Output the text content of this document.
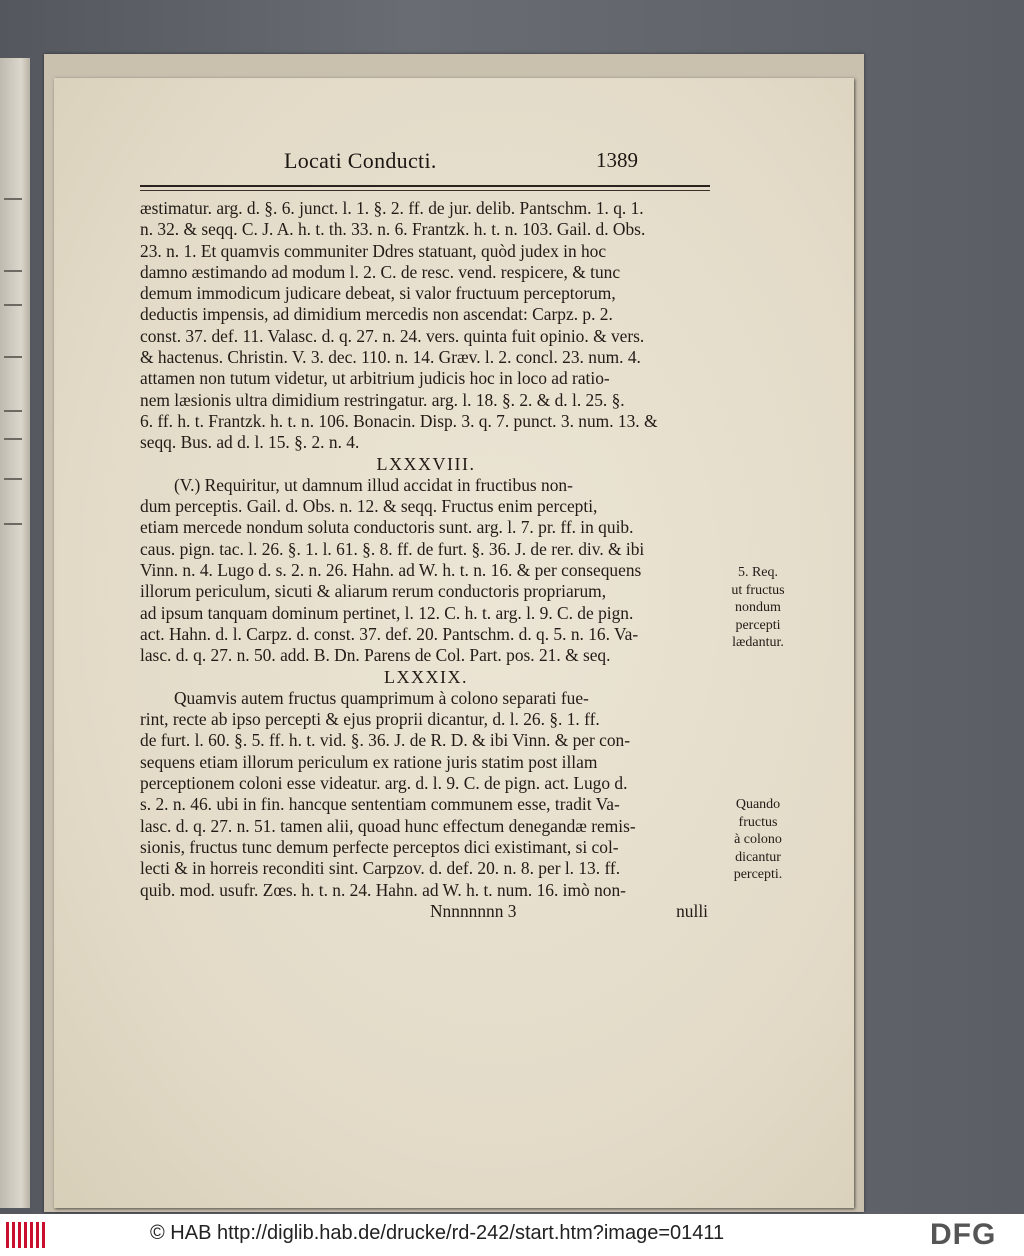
Locati Conducti.	1389
æstimatur. arg. d. §. 6. junct. l. 1. §. 2. ff. de jur. delib. Pantschm. 1. q. 1.
n. 32. & seqq. C. J. A. h. t. th. 33. n. 6. Frantzk. h. t. n. 103. Gail. d. Obs.
23. n. 1. Et quamvis communiter Ddres statuant, quòd judex in hoc
damno æstimando ad modum l. 2. C. de resc. vend. respicere, & tunc
demum immodicum judicare debeat, si valor fructuum perceptorum,
deductis impensis, ad dimidium mercedis non ascendat: Carpz. p. 2.
const. 37. def. 11. Valasc. d. q. 27. n. 24. vers. quinta fuit opinio. & vers.
& hactenus. Christin. V. 3. dec. 110. n. 14. Græv. l. 2. concl. 23. num. 4.
attamen non tutum videtur, ut arbitrium judicis hoc in loco ad ratio-
nem læsionis ultra dimidium restringatur. arg. l. 18. §. 2. & d. l. 25. §.
6. ff. h. t. Frantzk. h. t. n. 106. Bonacin. Disp. 3. q. 7. punct. 3. num. 13. &
seqq. Bus. ad d. l. 15. §. 2. n. 4.
LXXXVIII.
(V.) Requiritur, ut damnum illud accidat in fructibus non-
dum perceptis. Gail. d. Obs. n. 12. & seqq. Fructus enim percepti,
etiam mercede nondum soluta conductoris sunt. arg. l. 7. pr. ff. in quib.
caus. pign. tac. l. 26. §. 1. l. 61. §. 8. ff. de furt. §. 36. J. de rer. div. & ibi
Vinn. n. 4. Lugo d. s. 2. n. 26. Hahn. ad W. h. t. n. 16. & per consequens
illorum periculum, sicuti & aliarum rerum conductoris propriarum,
ad ipsum tanquam dominum pertinet, l. 12. C. h. t. arg. l. 9. C. de pign.
act. Hahn. d. l. Carpz. d. const. 37. def. 20. Pantschm. d. q. 5. n. 16. Va-
lasc. d. q. 27. n. 50. add. B. Dn. Parens de Col. Part. pos. 21. & seq.
LXXXIX.
Quamvis autem fructus quamprimum à colono separati fue-
rint, recte ab ipso percepti & ejus proprii dicantur, d. l. 26. §. 1. ff.
de furt. l. 60. §. 5. ff. h. t. vid. §. 36. J. de R. D. & ibi Vinn. & per con-
sequens etiam illorum periculum ex ratione juris statim post illam
perceptionem coloni esse videatur. arg. d. l. 9. C. de pign. act. Lugo d.
s. 2. n. 46. ubi in fin. hancque sententiam communem esse, tradit Va-
lasc. d. q. 27. n. 51. tamen alii, quoad hunc effectum denegandæ remis-
sionis, fructus tunc demum perfecte perceptos dici existimant, si col-
lecti & in horreis reconditi sint. Carpzov. d. def. 20. n. 8. per l. 13. ff.
quib. mod. usufr. Zœs. h. t. n. 24. Hahn. ad W. h. t. num. 16. imò non-
Nnnnnnnn 3	nulli
5. Req.
ut fructus
nondum
percepti
lædantur.
Quando
fructus
à colono
dicantur
percepti.
© HAB http://diglib.hab.de/drucke/rd-242/start.htm?image=01411	DFG
